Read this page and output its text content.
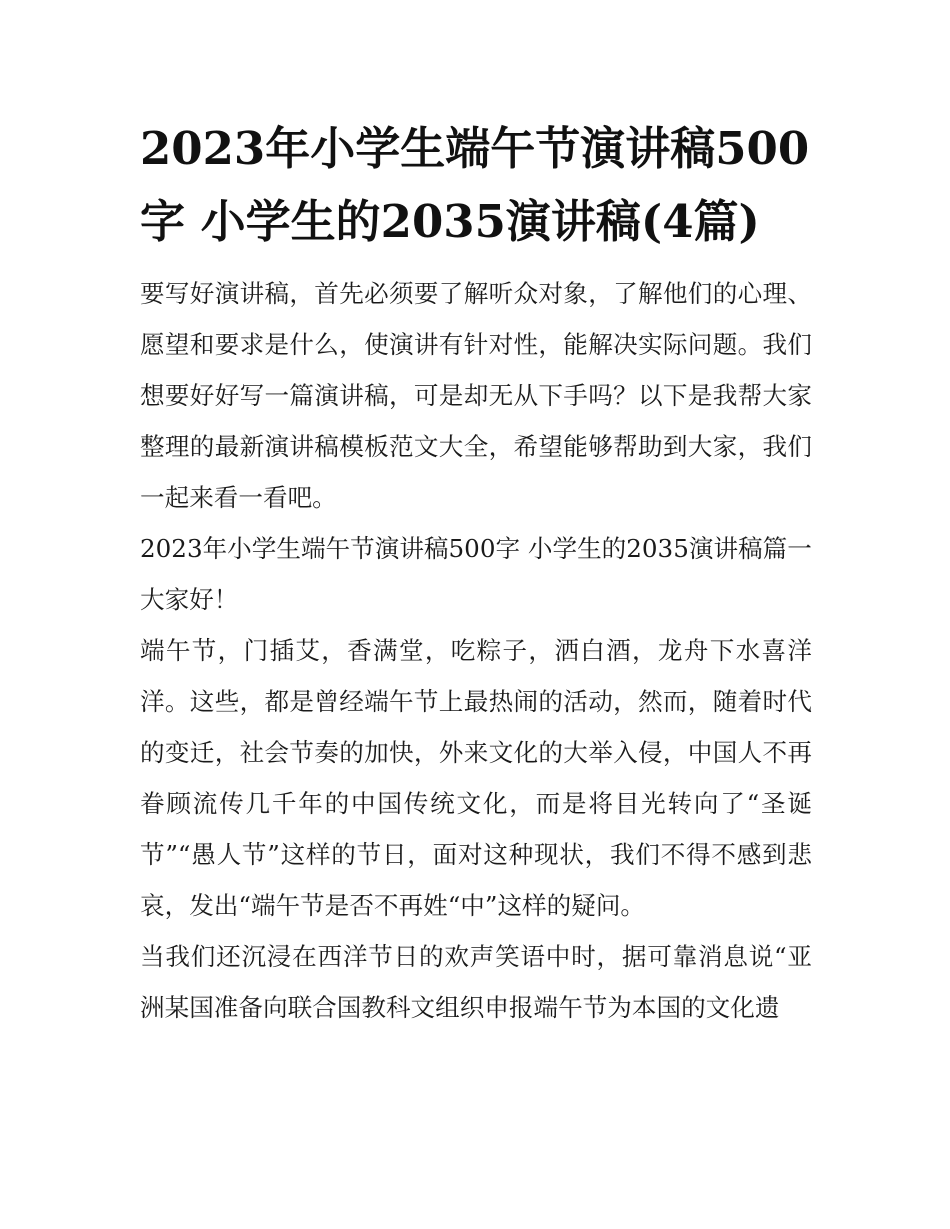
2023年小学生端午节演讲稿500字 小学生的2035演讲稿(4篇)

要写好演讲稿，首先必须要了解听众对象，了解他们的心理、愿望和要求是什么，使演讲有针对性，能解决实际问题。我们想要好好写一篇演讲稿，可是却无从下手吗？以下是我帮大家整理的最新演讲稿模板范文大全，希望能够帮助到大家，我们一起来看一看吧。

2023年小学生端午节演讲稿500字 小学生的2035演讲稿篇一

大家好！

端午节，门插艾，香满堂，吃粽子，洒白酒，龙舟下水喜洋洋。这些，都是曾经端午节上最热闹的活动，然而，随着时代的变迁，社会节奏的加快，外来文化的大举入侵，中国人不再眷顾流传几千年的中国传统文化，而是将目光转向了“圣诞节”“愚人节”这样的节日，面对这种现状，我们不得不感到悲哀，发出“端午节是否不再姓“中”这样的疑问。

当我们还沉浸在西洋节日的欢声笑语中时，据可靠消息说“亚洲某国准备向联合国教科文组织申报端午节为本国的文化遗
